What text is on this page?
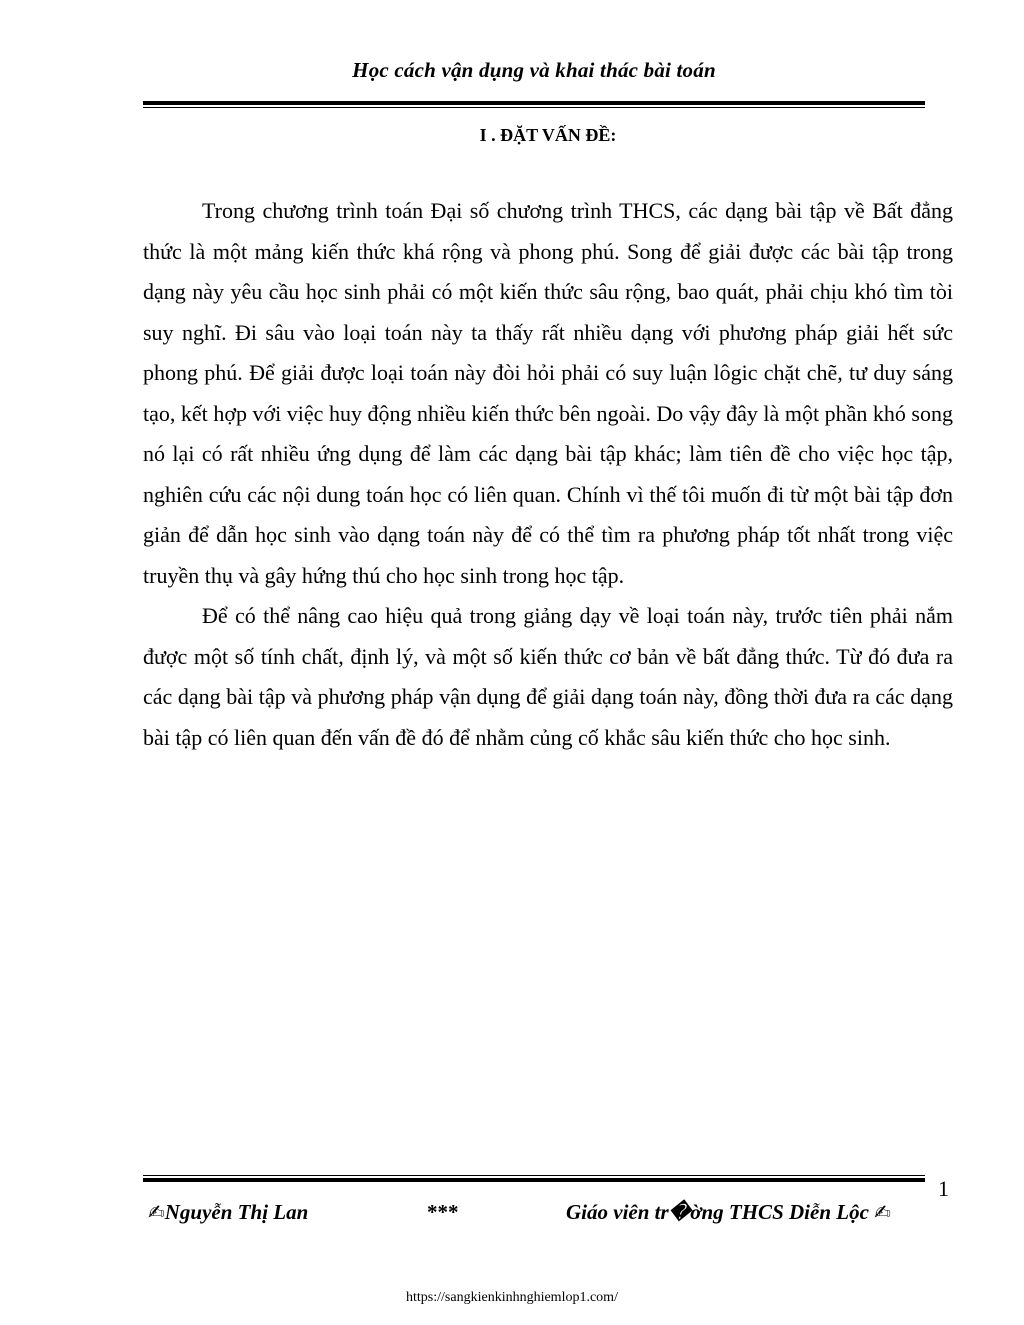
Học cách vận dụng và khai thác bài toán
I . ĐẶT VẤN ĐỀ:

Trong chương trình toán Đại số chương trình THCS, các dạng bài tập về Bất đẳng thức là một mảng kiến thức khá rộng và phong phú. Song để giải được các bài tập trong dạng này yêu cầu học sinh phải có một kiến thức sâu rộng, bao quát, phải chịu khó tìm tòi suy nghĩ. Đi sâu vào loại toán này ta thấy rất nhiều dạng với phương pháp giải hết sức phong phú. Để giải được loại toán này đòi hỏi phải có suy luận lôgic chặt chẽ, tư duy sáng tạo, kết hợp với việc huy động nhiều kiến thức bên ngoài. Do vậy đây là một phần khó song nó lại có rất nhiều ứng dụng để làm các dạng bài tập khác; làm tiên đề cho việc học tập, nghiên cứu các nội dung toán học có liên quan. Chính vì thế tôi muốn đi từ một bài tập đơn giản để dẫn học sinh vào dạng toán này để có thể tìm ra phương pháp tốt nhất trong việc truyền thụ và gây hứng thú cho học sinh trong học tập.

Để có thể nâng cao hiệu quả trong giảng dạy về loại toán này, trước tiên phải nắm được một số tính chất, định lý, và một số kiến thức cơ bản về bất đẳng thức. Từ đó đưa ra các dạng bài tập và phương pháp vận dụng để giải dạng toán này, đồng thời đưa ra các dạng bài tập có liên quan đến vấn đề đó để nhằm củng cố khắc sâu kiến thức cho học sinh.

1
✍Nguyễn Thị Lan	***	Giáo viên tr�ờng THCS Diễn Lộc ✍
https://sangkienkinhnghiemlop1.com/
